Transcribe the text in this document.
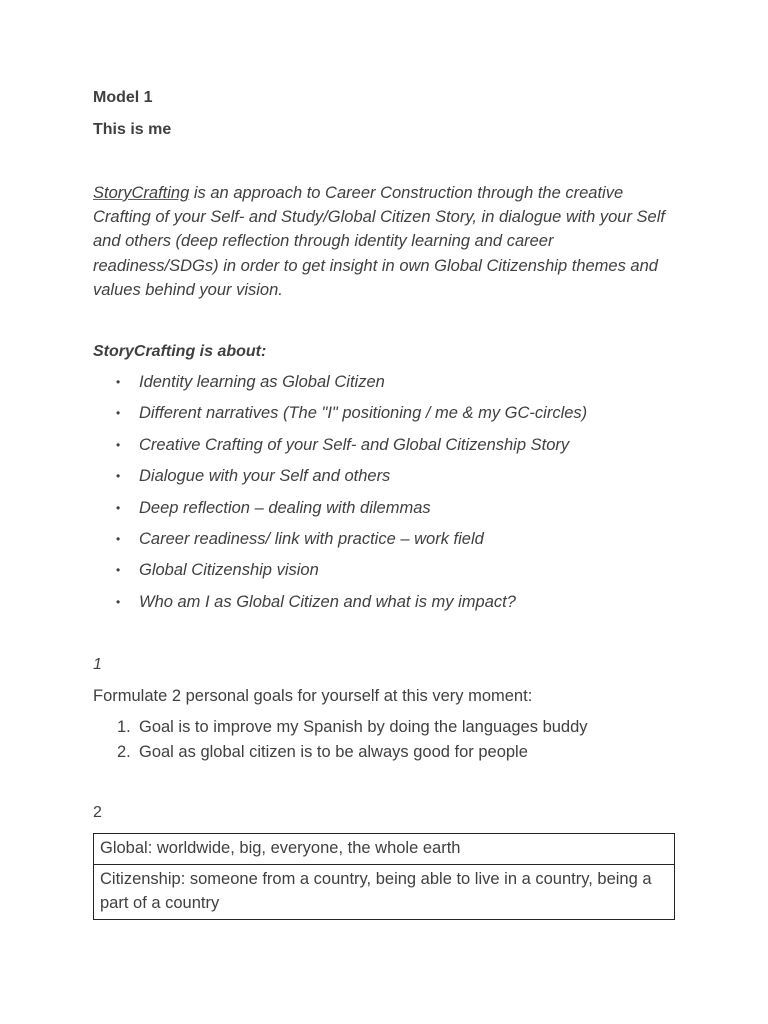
Model 1
This is me

StoryCrafting is an approach to Career Construction through the creative Crafting of your Self- and Study/Global Citizen Story, in dialogue with your Self and others (deep reflection through identity learning and career readiness/SDGs) in order to get insight in own Global Citizenship themes and values behind your vision.

StoryCrafting is about:
• Identity learning as Global Citizen
• Different narratives (The "I" positioning / me & my GC-circles)
• Creative Crafting of your Self- and Global Citizenship Story
• Dialogue with your Self and others
• Deep reflection – dealing with dilemmas
• Career readiness/ link with practice – work field
• Global Citizenship vision
• Who am I as Global Citizen and what is my impact?
1
Formulate 2 personal goals for yourself at this very moment:
1. Goal is to improve my Spanish by doing the languages buddy
2. Goal as global citizen is to be always good for people
2
Global: worldwide, big, everyone, the whole earth
Citizenship: someone from a country, being able to live in a country, being a part of a country
